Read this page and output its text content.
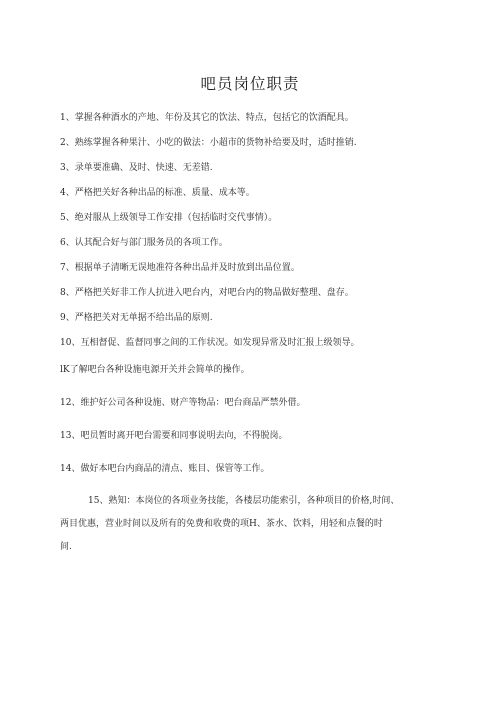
吧员岗位职责
1、掌握各种酒水的产地、年份及其它的饮法、特点，包括它的饮酒配具。
2、熟练掌握各种果汁、小吃的做法：小超市的货物补给要及时，适时推销.
3、录单要准确、及时、快速、无差错.
4、严格把关好各种出品的标准、质量、成本等。
5、绝对服从上级领导工作安排（包括临时交代事情）。
6、认其配合好与部门服务员的各项工作。
7、根据单子清晰无误地准符各种出品并及时放到出品位置。
8、严格把关好非工作人抗进入吧台内，对吧台内的物品做好整理、盘存。
9、严格把关对无单据不给出品的原则.
10、互相督促、监督同事之间的工作状况。如发现异常及时汇报上级领导。
lK了解吧台各种设施电源开关并会简单的操作。
12、维护好公司各种设施、财产等物品：吧台商品严禁外借。
13、吧员暂时离开吧台需要和同事说明去向，不得脱岗。
14、做好本吧台内商品的清点、账目、保管等工作。
15、熟知：本岗位的各项业务技能，各楼层功能索引，各种项目的价格,时间、
两目优惠，营业时间以及所有的免费和收费的项H、茶水、饮料，用轻和点餐的时
间.
